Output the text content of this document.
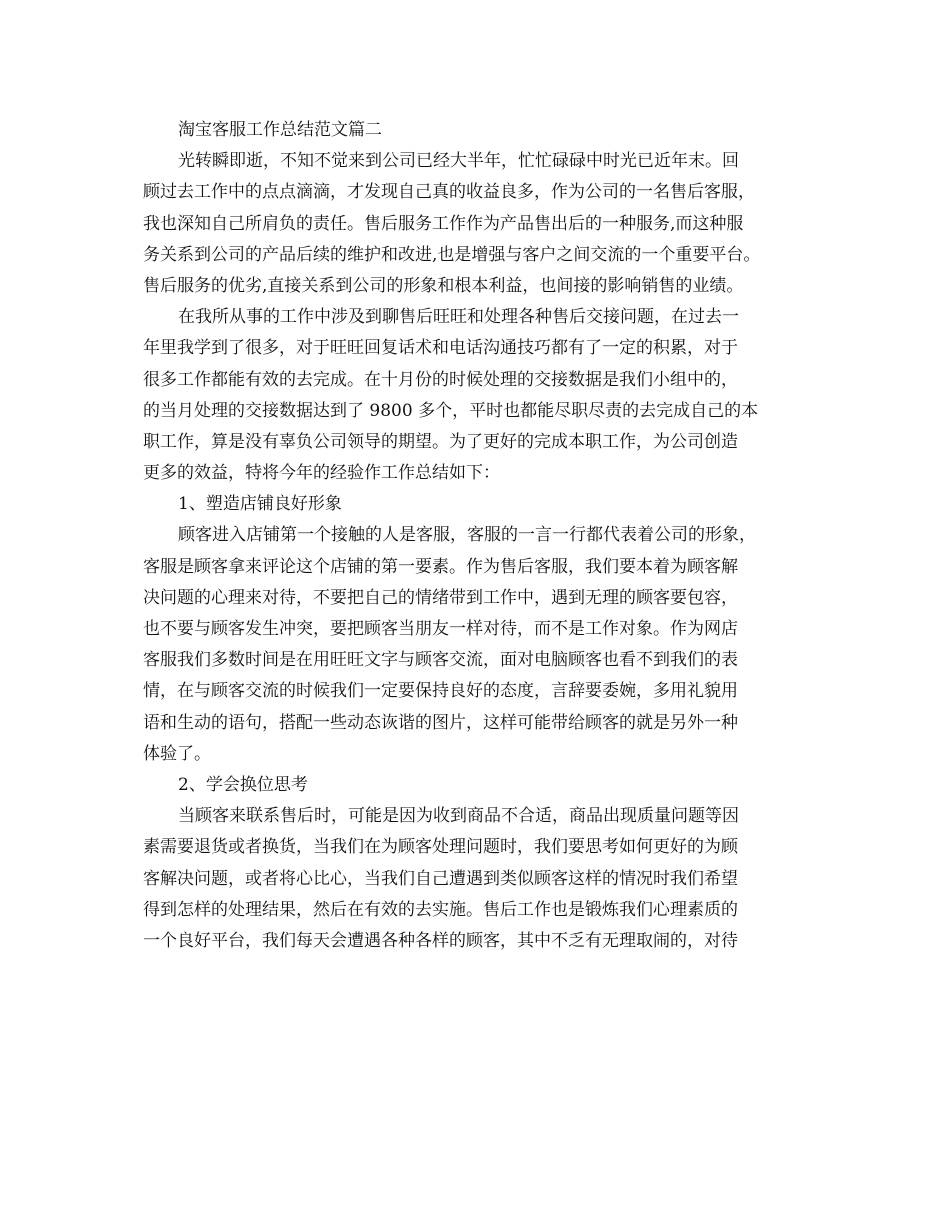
淘宝客服工作总结范文篇二
光转瞬即逝，不知不觉来到公司已经大半年，忙忙碌碌中时光已近年末。回
顾过去工作中的点点滴滴，才发现自己真的收益良多，作为公司的一名售后客服，
我也深知自己所肩负的责任。售后服务工作作为产品售出后的一种服务,而这种服
务关系到公司的产品后续的维护和改进,也是增强与客户之间交流的一个重要平台。
售后服务的优劣,直接关系到公司的形象和根本利益，也间接的影响销售的业绩。
在我所从事的工作中涉及到聊售后旺旺和处理各种售后交接问题，在过去一
年里我学到了很多，对于旺旺回复话术和电话沟通技巧都有了一定的积累，对于
很多工作都能有效的去完成。在十月份的时候处理的交接数据是我们小组中的，
的当月处理的交接数据达到了 9800 多个，平时也都能尽职尽责的去完成自己的本
职工作，算是没有辜负公司领导的期望。为了更好的完成本职工作，为公司创造
更多的效益，特将今年的经验作工作总结如下：
1、塑造店铺良好形象
顾客进入店铺第一个接触的人是客服，客服的一言一行都代表着公司的形象，
客服是顾客拿来评论这个店铺的第一要素。作为售后客服，我们要本着为顾客解
决问题的心理来对待，不要把自己的情绪带到工作中，遇到无理的顾客要包容，
也不要与顾客发生冲突，要把顾客当朋友一样对待，而不是工作对象。作为网店
客服我们多数时间是在用旺旺文字与顾客交流，面对电脑顾客也看不到我们的表
情，在与顾客交流的时候我们一定要保持良好的态度，言辞要委婉，多用礼貌用
语和生动的语句，搭配一些动态诙谐的图片，这样可能带给顾客的就是另外一种
体验了。
2、学会换位思考
当顾客来联系售后时，可能是因为收到商品不合适，商品出现质量问题等因
素需要退货或者换货，当我们在为顾客处理问题时，我们要思考如何更好的为顾
客解决问题，或者将心比心，当我们自己遭遇到类似顾客这样的情况时我们希望
得到怎样的处理结果，然后在有效的去实施。售后工作也是锻炼我们心理素质的
一个良好平台，我们每天会遭遇各种各样的顾客，其中不乏有无理取闹的，对待
